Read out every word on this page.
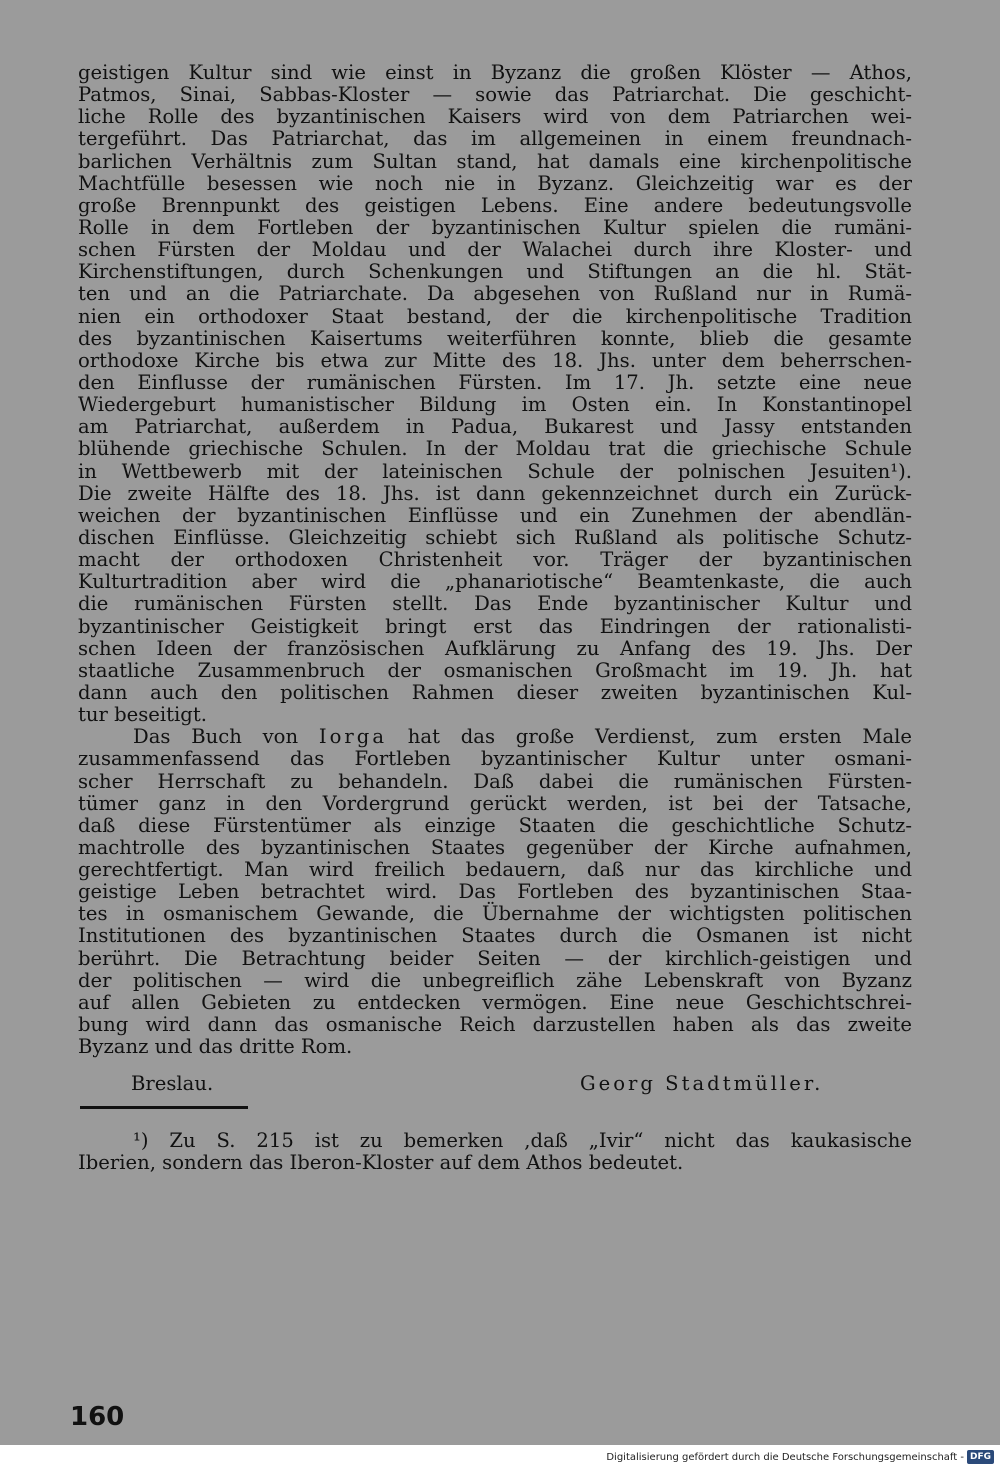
geistigen Kultur sind wie einst in Byzanz die großen Klöster — Athos,
Patmos, Sinai, Sabbas-Kloster — sowie das Patriarchat. Die geschicht-
liche Rolle des byzantinischen Kaisers wird von dem Patriarchen wei-
tergeführt. Das Patriarchat, das im allgemeinen in einem freundnach-
barlichen Verhältnis zum Sultan stand, hat damals eine kirchenpolitische
Machtfülle besessen wie noch nie in Byzanz. Gleichzeitig war es der
große Brennpunkt des geistigen Lebens. Eine andere bedeutungsvolle
Rolle in dem Fortleben der byzantinischen Kultur spielen die rumäni-
schen Fürsten der Moldau und der Walachei durch ihre Kloster- und
Kirchenstiftungen, durch Schenkungen und Stiftungen an die hl. Stät-
ten und an die Patriarchate. Da abgesehen von Rußland nur in Rumä-
nien ein orthodoxer Staat bestand, der die kirchenpolitische Tradition
des byzantinischen Kaisertums weiterführen konnte, blieb die gesamte
orthodoxe Kirche bis etwa zur Mitte des 18. Jhs. unter dem beherrschen-
den Einflusse der rumänischen Fürsten. Im 17. Jh. setzte eine neue
Wiedergeburt humanistischer Bildung im Osten ein. In Konstantinopel
am Patriarchat, außerdem in Padua, Bukarest und Jassy entstanden
blühende griechische Schulen. In der Moldau trat die griechische Schule
in Wettbewerb mit der lateinischen Schule der polnischen Jesuiten¹).
Die zweite Hälfte des 18. Jhs. ist dann gekennzeichnet durch ein Zurück-
weichen der byzantinischen Einflüsse und ein Zunehmen der abendlän-
dischen Einflüsse. Gleichzeitig schiebt sich Rußland als politische Schutz-
macht der orthodoxen Christenheit vor. Träger der byzantinischen
Kulturtradition aber wird die „phanariotische“ Beamtenkaste, die auch
die rumänischen Fürsten stellt. Das Ende byzantinischer Kultur und
byzantinischer Geistigkeit bringt erst das Eindringen der rationalisti-
schen Ideen der französischen Aufklärung zu Anfang des 19. Jhs. Der
staatliche Zusammenbruch der osmanischen Großmacht im 19. Jh. hat
dann auch den politischen Rahmen dieser zweiten byzantinischen Kul-
tur beseitigt.
Das Buch von Iorga hat das große Verdienst, zum ersten Male
zusammenfassend das Fortleben byzantinischer Kultur unter osmani-
scher Herrschaft zu behandeln. Daß dabei die rumänischen Fürsten-
tümer ganz in den Vordergrund gerückt werden, ist bei der Tatsache,
daß diese Fürstentümer als einzige Staaten die geschichtliche Schutz-
machtrolle des byzantinischen Staates gegenüber der Kirche aufnahmen,
gerechtfertigt. Man wird freilich bedauern, daß nur das kirchliche und
geistige Leben betrachtet wird. Das Fortleben des byzantinischen Staa-
tes in osmanischem Gewande, die Übernahme der wichtigsten politischen
Institutionen des byzantinischen Staates durch die Osmanen ist nicht
berührt. Die Betrachtung beider Seiten — der kirchlich-geistigen und
der politischen — wird die unbegreiflich zähe Lebenskraft von Byzanz
auf allen Gebieten zu entdecken vermögen. Eine neue Geschichtschrei-
bung wird dann das osmanische Reich darzustellen haben als das zweite
Byzanz und das dritte Rom.
Breslau.	Georg Stadtmüller.
¹) Zu S. 215 ist zu bemerken ,daß „Ivir“ nicht das kaukasische
Iberien, sondern das Iberon-Kloster auf dem Athos bedeutet.
160
Digitalisierung gefördert durch die Deutsche Forschungsgemeinschaft - DFG
